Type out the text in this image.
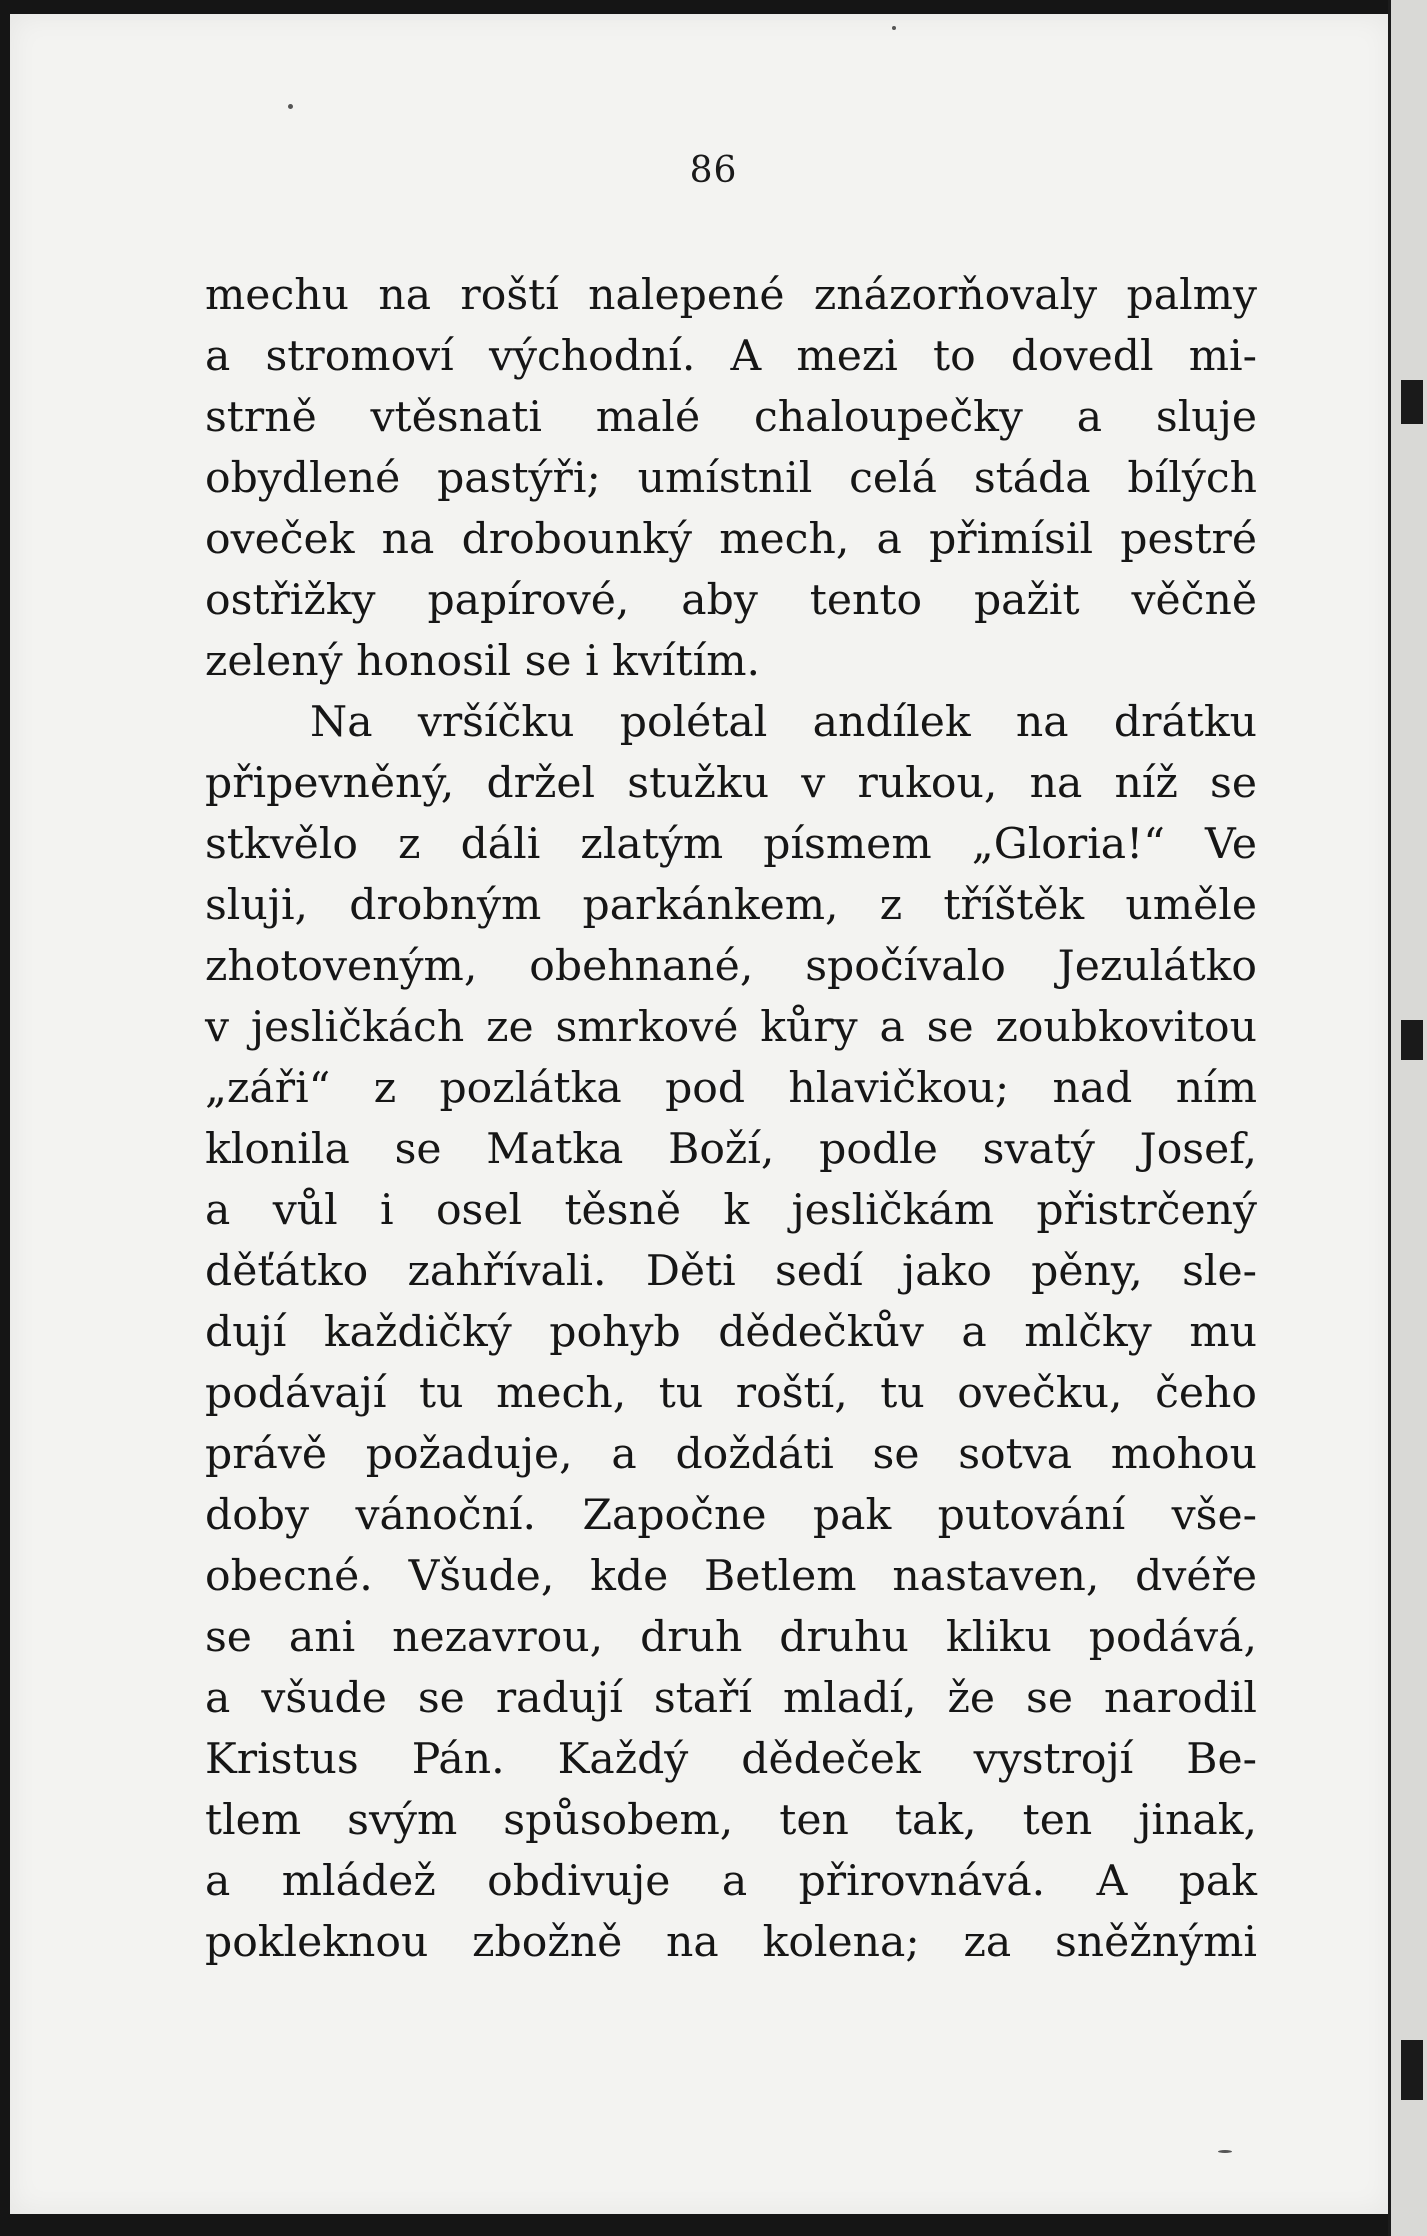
86
mechu na roští nalepené znázorňovaly palmy
a stromoví východní. A mezi to dovedl mi-
strně vtěsnati malé chaloupečky a sluje
obydlené pastýři; umístnil celá stáda bílých
oveček na drobounký mech, a přimísil pestré
ostřižky papírové, aby tento pažit věčně
zelený honosil se i kvítím.
Na vršíčku polétal andílek na drátku
připevněný, držel stužku v rukou, na níž se
stkvělo z dáli zlatým písmem „Gloria!“ Ve
sluji, drobným parkánkem, z tříštěk uměle
zhotoveným, obehnané, spočívalo Jezulátko
v jesličkách ze smrkové kůry a se zoubkovitou
„záři“ z pozlátka pod hlavičkou; nad ním
klonila se Matka Boží, podle svatý Josef,
a vůl i osel těsně k jesličkám přistrčený
děťátko zahřívali. Děti sedí jako pěny, sle-
dují každičký pohyb dědečkův a mlčky mu
podávají tu mech, tu roští, tu ovečku, čeho
právě požaduje, a doždáti se sotva mohou
doby vánoční. Započne pak putování vše-
obecné. Všude, kde Betlem nastaven, dvéře
se ani nezavrou, druh druhu kliku podává,
a všude se radují staří mladí, že se narodil
Kristus Pán. Každý dědeček vystrojí Be-
tlem svým spůsobem, ten tak, ten jinak,
a mládež obdivuje a přirovnává. A pak
pokleknou zbožně na kolena; za sněžnými
